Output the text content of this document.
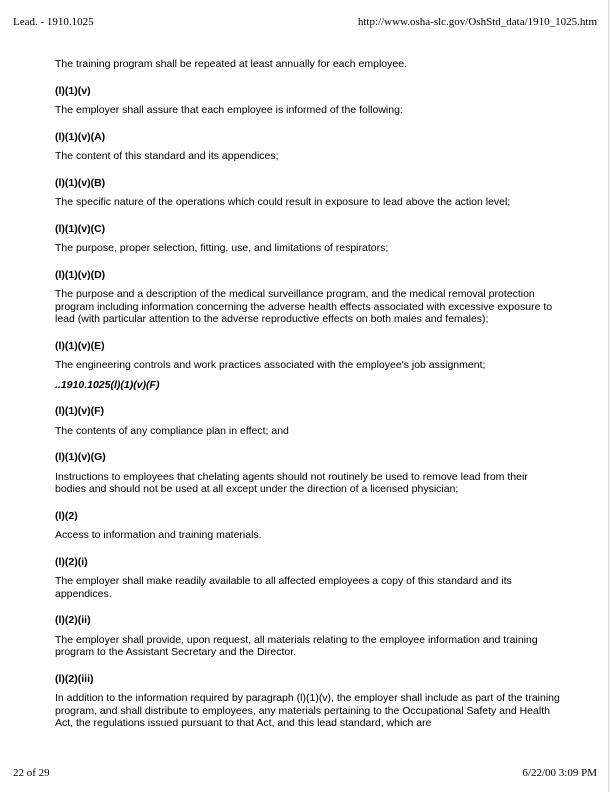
Lead. - 1910.1025	http://www.osha-slc.gov/OshStd_data/1910_1025.htm
The training program shall be repeated at least annually for each employee.
(l)(1)(v)
The employer shall assure that each employee is informed of the following:
(l)(1)(v)(A)
The content of this standard and its appendices;
(l)(1)(v)(B)
The specific nature of the operations which could result in exposure to lead above the action level;
(l)(1)(v)(C)
The purpose, proper selection, fitting, use, and limitations of respirators;
(l)(1)(v)(D)
The purpose and a description of the medical surveillance program, and the medical removal protection program including information concerning the adverse health effects associated with excessive exposure to lead (with particular attention to the adverse reproductive effects on both males and females);
(l)(1)(v)(E)
The engineering controls and work practices associated with the employee's job assignment;
..1910.1025(l)(1)(v)(F)
(l)(1)(v)(F)
The contents of any compliance plan in effect; and
(l)(1)(v)(G)
Instructions to employees that chelating agents should not routinely be used to remove lead from their bodies and should not be used at all except under the direction of a licensed physician;
(l)(2)
Access to information and training materials.
(l)(2)(i)
The employer shall make readily available to all affected employees a copy of this standard and its appendices.
(l)(2)(ii)
The employer shall provide, upon request, all materials relating to the employee information and training program to the Assistant Secretary and the Director.
(l)(2)(iii)
In addition to the information required by paragraph (l)(1)(v), the employer shall include as part of the training program, and shall distribute to employees, any materials pertaining to the Occupational Safety and Health Act, the regulations issued pursuant to that Act, and this lead standard, which are
22 of 29	6/22/00 3:09 PM
